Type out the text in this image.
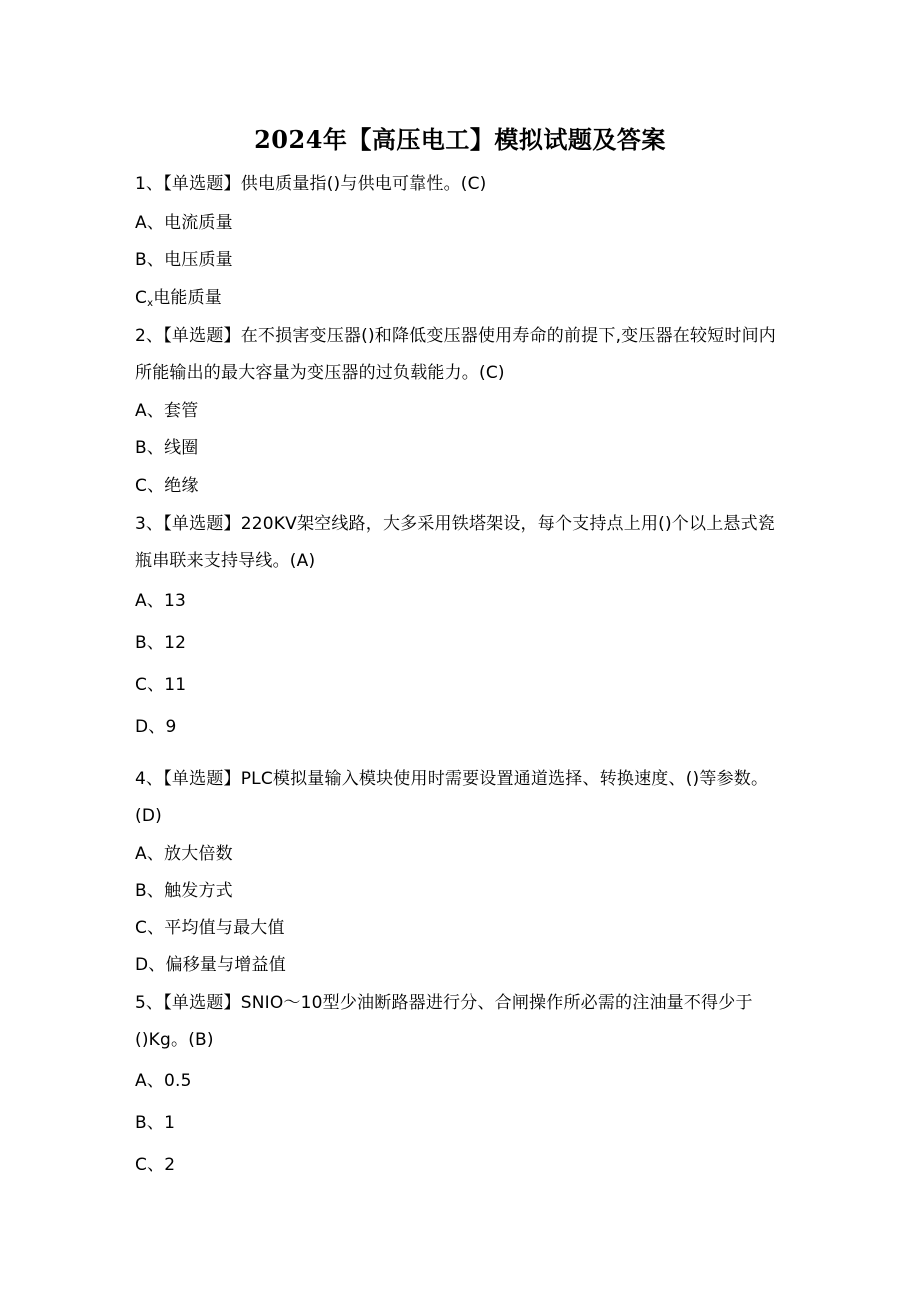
2024年【高压电工】模拟试题及答案
1、【单选题】供电质量指()与供电可靠性。(C)
A、电流质量
B、电压质量
$C_x$电能质量
2、【单选题】在不损害变压器()和降低变压器使用寿命的前提下,变压器在较短时间内所能输出的最大容量为变压器的过负载能力。(C)
A、套管
B、线圈
C、绝缘
3、【单选题】220KV架空线路，大多采用铁塔架设，每个支持点上用()个以上悬式瓷瓶串联来支持导线。(A)
A、13
B、12
C、11
D、9
4、【单选题】PLC模拟量输入模块使用时需要设置通道选择、转换速度、()等参数。(D)
A、放大倍数
B、触发方式
C、平均值与最大值
D、偏移量与增益值
5、【单选题】SNIO～10型少油断路器进行分、合闸操作所必需的注油量不得少于()Kg。(B)
A、0.5
B、1
C、2
